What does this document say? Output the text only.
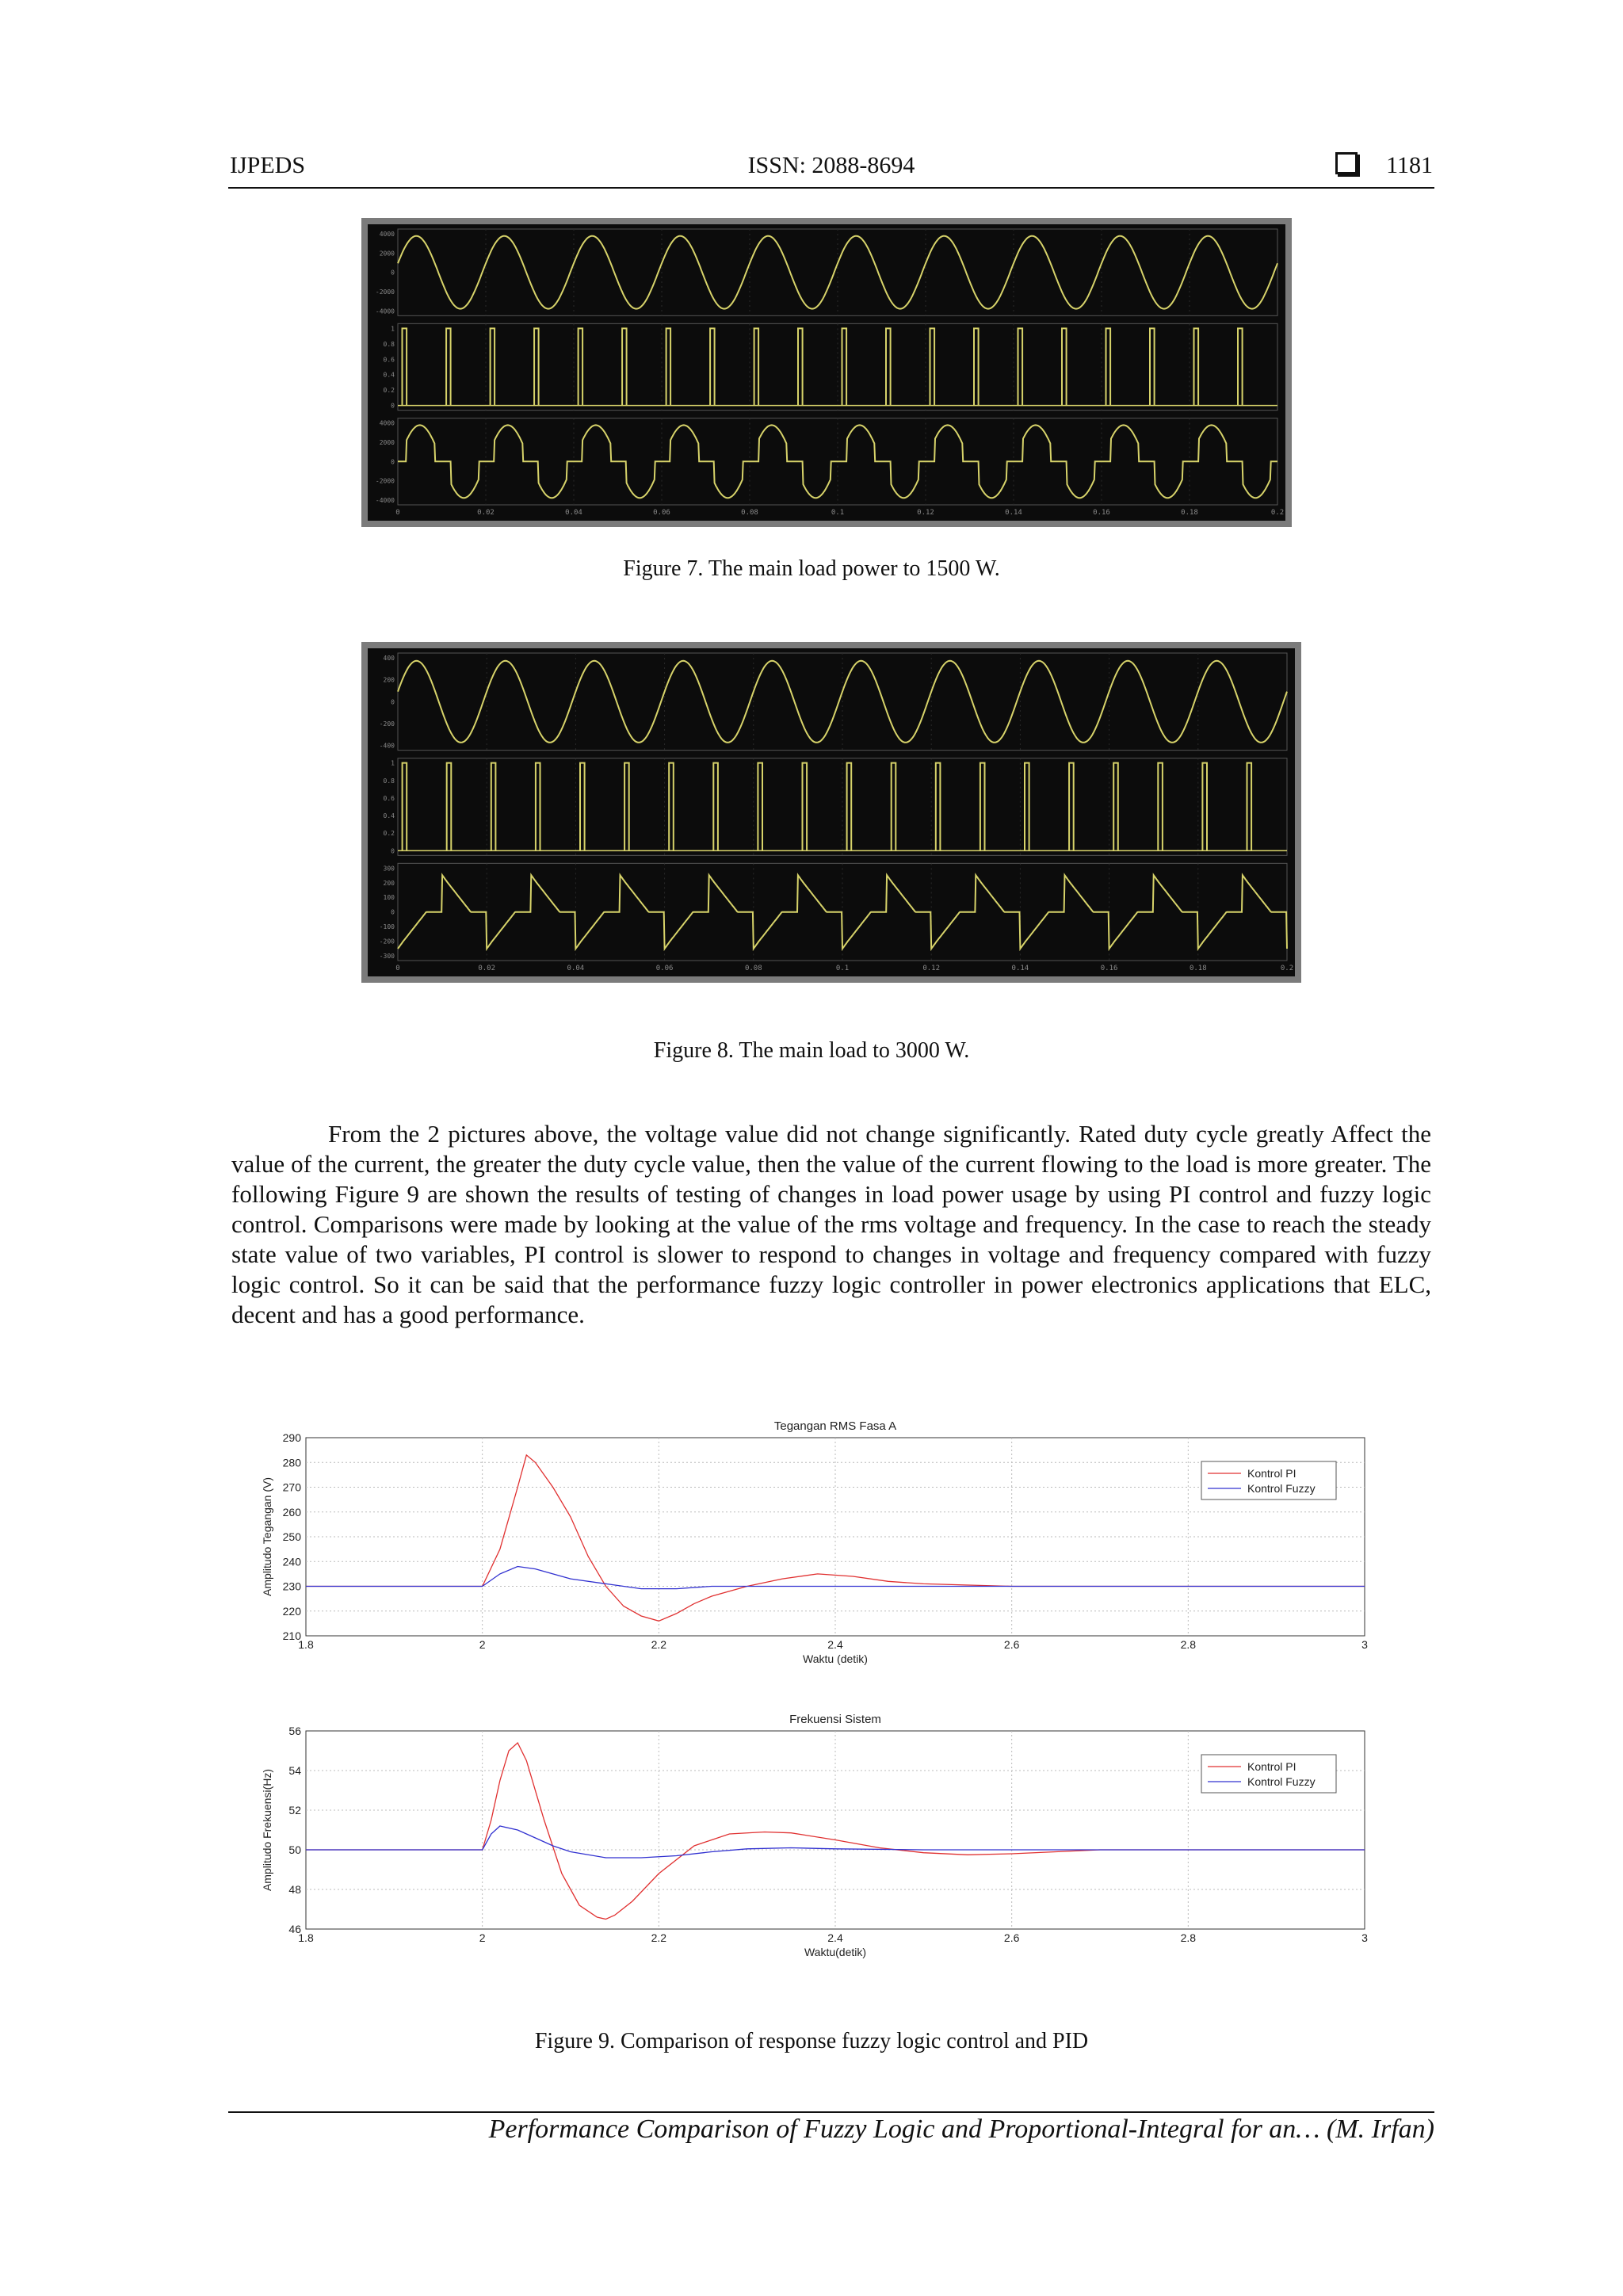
IJPEDS	ISSN: 2088-8694	1181
4000
2000
0
-2000
-4000
1
0.8
0.6
0.4
0.2
0
4000
2000
0
-2000
-4000
0	0.02	0.04	0.06	0.08	0.1	0.12	0.14	0.16	0.18	0.2
Figure 7. The main load power to 1500 W.
400
200
0
-200
-400
1
0.8
0.6
0.4
0.2
0
300
200
100
0
-100
-200
-300
0	0.02	0.04	0.06	0.08	0.1	0.12	0.14	0.16	0.18	0.2
Figure 8. The main load to 3000 W.
From the 2 pictures above, the voltage value did not change significantly. Rated duty cycle greatly Affect the value of the current, the greater the duty cycle value, then the value of the current flowing to the load is more greater. The following Figure 9 are shown the results of testing of changes in load power usage by using PI control and fuzzy logic control. Comparisons were made by looking at the value of the rms voltage and frequency. In the case to reach the steady state value of two variables, PI control is slower to respond to changes in voltage and frequency compared with fuzzy logic control. So it can be said that the performance fuzzy logic controller in power electronics applications that ELC, decent and has a good performance.
Tegangan RMS Fasa A
1.8	2	2.2	2.4	2.6	2.8	3
210
220
230
240
250
260
270
280
290
Waktu (detik)
Amplitudo Tegangan (V)
Kontrol PI
Kontrol Fuzzy
Frekuensi Sistem
1.8	2	2.2	2.4	2.6	2.8	3
46
48
50
52
54
56
Waktu(detik)
Amplitudo Frekuensi(Hz)
Kontrol PI
Kontrol Fuzzy
Figure 9. Comparison of response fuzzy logic control and PID
Performance Comparison of Fuzzy Logic and Proportional-Integral for an… (M. Irfan)
